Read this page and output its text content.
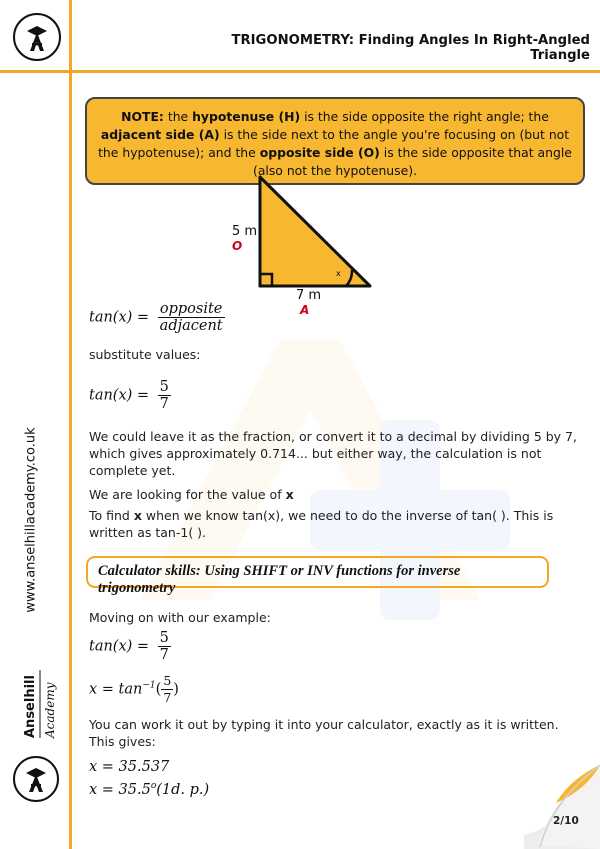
TRIGONOMETRY: Finding Angles In Right-Angled Triangle
www.anselhillacademy.co.uk
Anselhill Academy
NOTE: the hypotenuse (H) is the side opposite the right angle; the adjacent side (A) is the side next to the angle you're focusing on (but not the hypotenuse); and the opposite side (O) is the side opposite that angle (also not the hypotenuse).
x
5 m
O
7 m
A
$\tan(x) = \frac{\text{opposite}}{\text{adjacent}}$
substitute values:
$\tan(x) = \frac{5}{7}$
We could leave it as the fraction, or convert it to a decimal by dividing 5 by 7, which gives approximately 0.714... but either way, the calculation is not complete yet.
We are looking for the value of x
To find x when we know tan(x), we need to do the inverse of tan( ). This is written as tan-1( ).
Calculator skills: Using SHIFT or INV functions for inverse trigonometry
Moving on with our example:
$\tan(x) = \frac{5}{7}$
$x = \tan^{-1}( \frac{5}{7}$ )
You can work it out by typing it into your calculator, exactly as it is written. This gives:
x = 35.537
$x = 35.5^o(1d$. p.)
2/10
